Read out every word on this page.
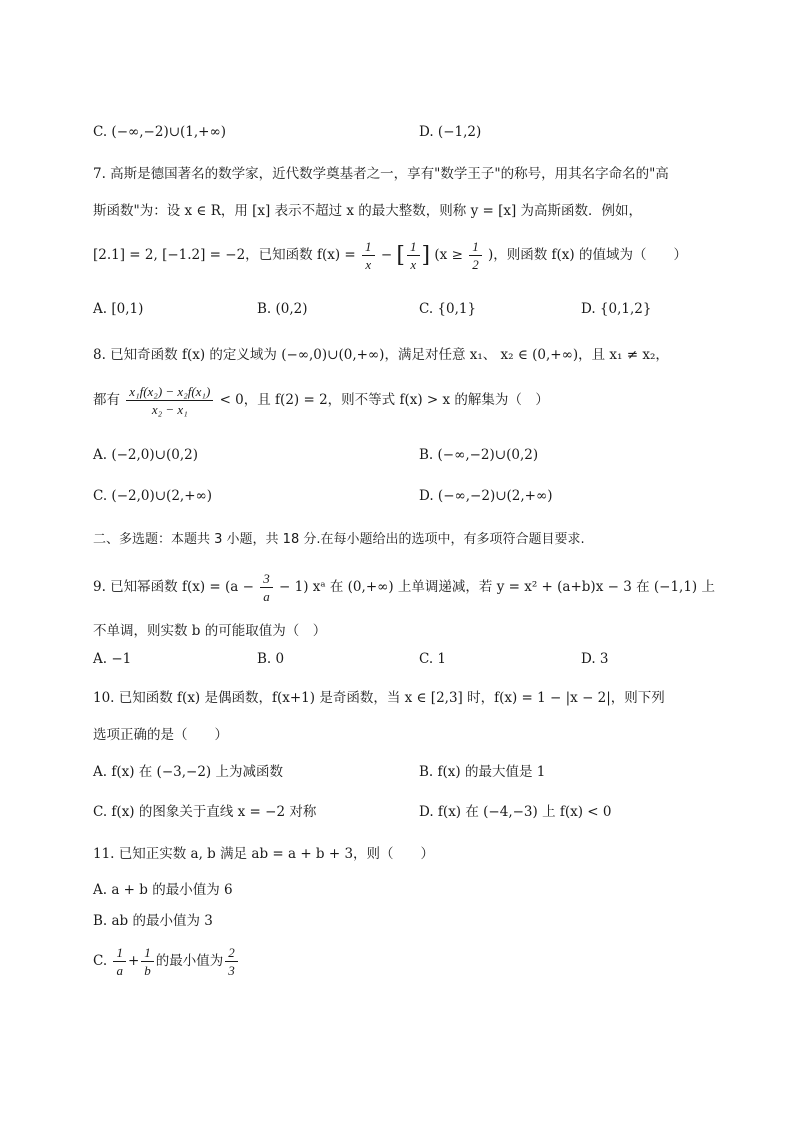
C. (−∞,−2)∪(1,+∞)	D. (−1,2)
7. 高斯是德国著名的数学家，近代数学奠基者之一，享有"数学王子"的称号，用其名字命名的"高
斯函数"为：设 x ∈ R，用 [x] 表示不超过 x 的最大整数，则称 y = [x] 为高斯函数．例如，
[2.1] = 2, [−1.2] = −2，已知函数 $f(x) = \frac{1}{x}$ − [ $\frac{1}{x}$ ] ($x \ge \frac{1}{2}$ )，则函数 f(x) 的值域为（　　）
A. [0,1)	B. (0,2)	C. {0,1}	D. {0,1,2}
8. 已知奇函数 f(x) 的定义域为 (−∞,0)∪(0,+∞)，满足对任意 x₁、 x₂ ∈ (0,+∞)，且 x₁ ≠ x₂，
都有 $\frac{\text{x₁f(x₂) − x₂f(x₁)}}{\text{x₂ − x₁}} < 0$，且 f(2) = 2，则不等式 f(x) > x 的解集为（　）
A. (−2,0)∪(0,2)	B. (−∞,−2)∪(0,2)
C. (−2,0)∪(2,+∞)	D. (−∞,−2)∪(2,+∞)
二、多选题：本题共 3 小题，共 18 分.在每小题给出的选项中，有多项符合题目要求.
9. 已知幂函数 $f(x) = (a - \frac{3}{a} - 1)$ xᵃ 在 (0,+∞) 上单调递减，若 y = x² + (a+b)x − 3 在 (−1,1) 上
不单调，则实数 b 的可能取值为（　）
A. −1	B. 0	C. 1	D. 3
10. 已知函数 f(x) 是偶函数，f(x+1) 是奇函数，当 x ∈ [2,3] 时，f(x) = 1 − |x − 2|，则下列
选项正确的是（　　）
A. f(x) 在 (−3,−2) 上为减函数	B. f(x) 的最大值是 1
C. f(x) 的图象关于直线 x = −2 对称	D. f(x) 在 (−4,−3) 上 f(x) < 0
11. 已知正实数 a, b 满足 ab = a + b + 3，则（　　）
A. a + b 的最小值为 6
B. ab 的最小值为 3
C. $\frac{1}{a} + \frac{1}{b}$ 的最小值为 $\frac{2}{3}$
